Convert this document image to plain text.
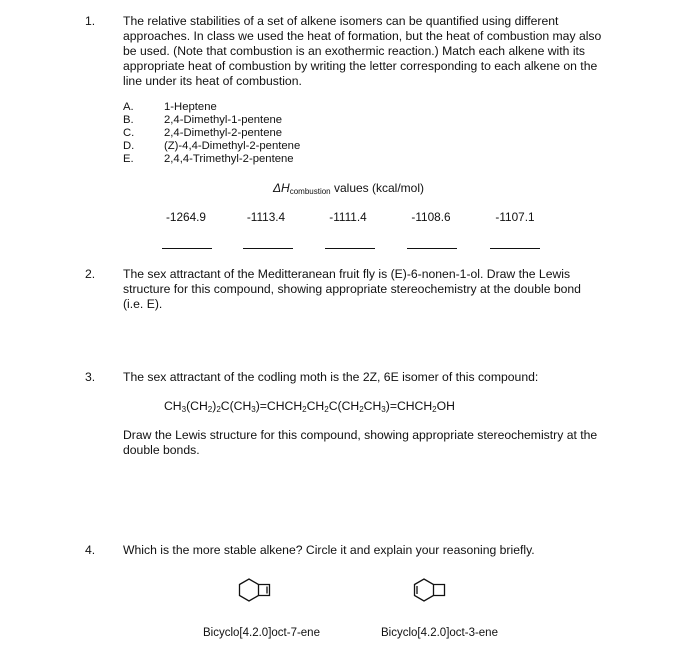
1. The relative stabilities of a set of alkene isomers can be quantified using different
approaches. In class we used the heat of formation, but the heat of combustion may also
be used. (Note that combustion is an exothermic reaction.) Match each alkene with its
appropriate heat of combustion by writing the letter corresponding to each alkene on the
line under its heat of combustion.
A.	1-Heptene
B.	2,4-Dimethyl-1-pentene
C.	2,4-Dimethyl-2-pentene
D.	(Z)-4,4-Dimethyl-2-pentene
E.	2,4,4-Trimethyl-2-pentene
$\Delta H_{combustion}$ values (kcal/mol)
-1264.9	-1113.4	-1111.4	-1108.6	-1107.1
2. The sex attractant of the Meditteranean fruit fly is (E)-6-nonen-1-ol. Draw the Lewis
structure for this compound, showing appropriate stereochemistry at the double bond
(i.e. E).
3. The sex attractant of the codling moth is the 2Z, 6E isomer of this compound:
$CH_3(CH_2)_2C(CH_3)=CHCH_2CH_2C(CH_2CH_3)=CHCH_2OH$
Draw the Lewis structure for this compound, showing appropriate stereochemistry at the
double bonds.
4. Which is the more stable alkene? Circle it and explain your reasoning briefly.
Bicyclo[4.2.0]oct-7-ene	Bicyclo[4.2.0]oct-3-ene
